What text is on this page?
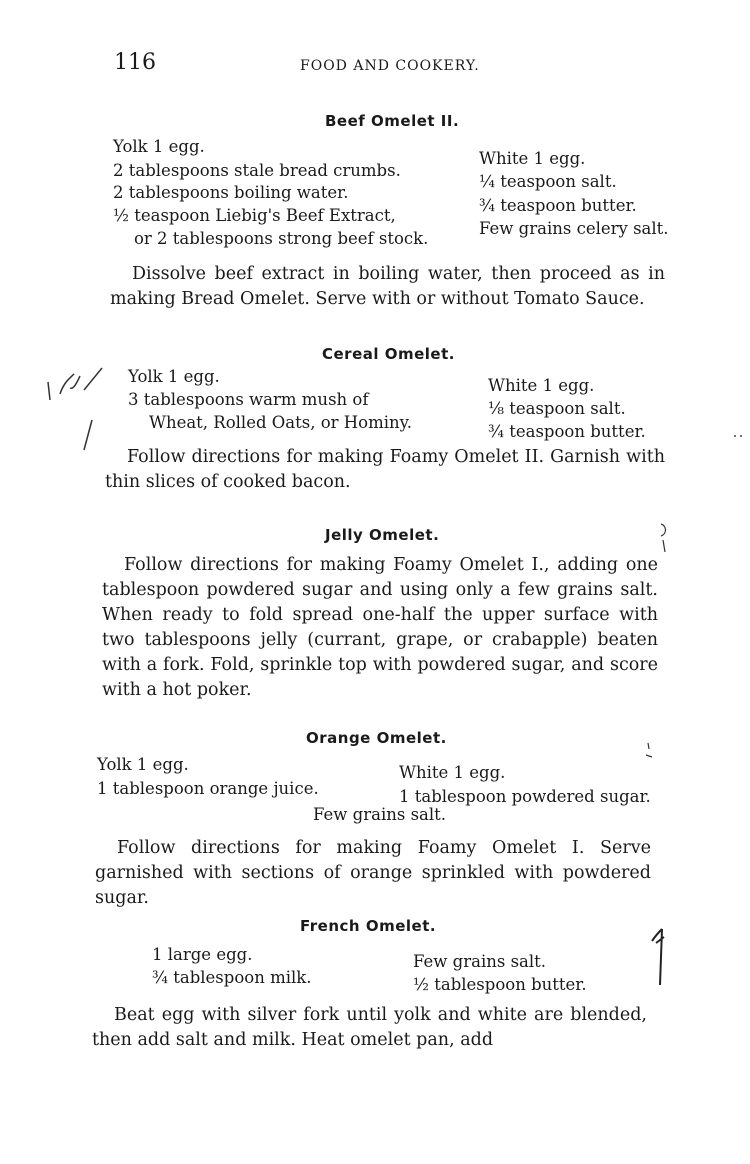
116	FOOD AND COOKERY.
Beef Omelet II.
Yolk 1 egg.
2 tablespoons stale bread crumbs.
2 tablespoons boiling water.
½ teaspoon Liebig's Beef Extract,
or 2 tablespoons strong beef stock.
White 1 egg.
¼ teaspoon salt.
¾ teaspoon butter.
Few grains celery salt.
Dissolve beef extract in boiling water, then proceed as in making Bread Omelet. Serve with or without Tomato Sauce.
Cereal Omelet.
Yolk 1 egg.
3 tablespoons warm mush of
Wheat, Rolled Oats, or Hominy.
White 1 egg.
⅛ teaspoon salt.
¾ teaspoon butter.
Follow directions for making Foamy Omelet II. Garnish with thin slices of cooked bacon.
Jelly Omelet.
Follow directions for making Foamy Omelet I., adding one tablespoon powdered sugar and using only a few grains salt. When ready to fold spread one-half the upper surface with two tablespoons jelly (currant, grape, or crabapple) beaten with a fork. Fold, sprinkle top with powdered sugar, and score with a hot poker.
Orange Omelet.
Yolk 1 egg.
1 tablespoon orange juice.
White 1 egg.
1 tablespoon powdered sugar.
Few grains salt.
Follow directions for making Foamy Omelet I. Serve garnished with sections of orange sprinkled with powdered sugar.
French Omelet.
1 large egg.
¾ tablespoon milk.
Few grains salt.
½ tablespoon butter.
Beat egg with silver fork until yolk and white are blended, then add salt and milk. Heat omelet pan, add
